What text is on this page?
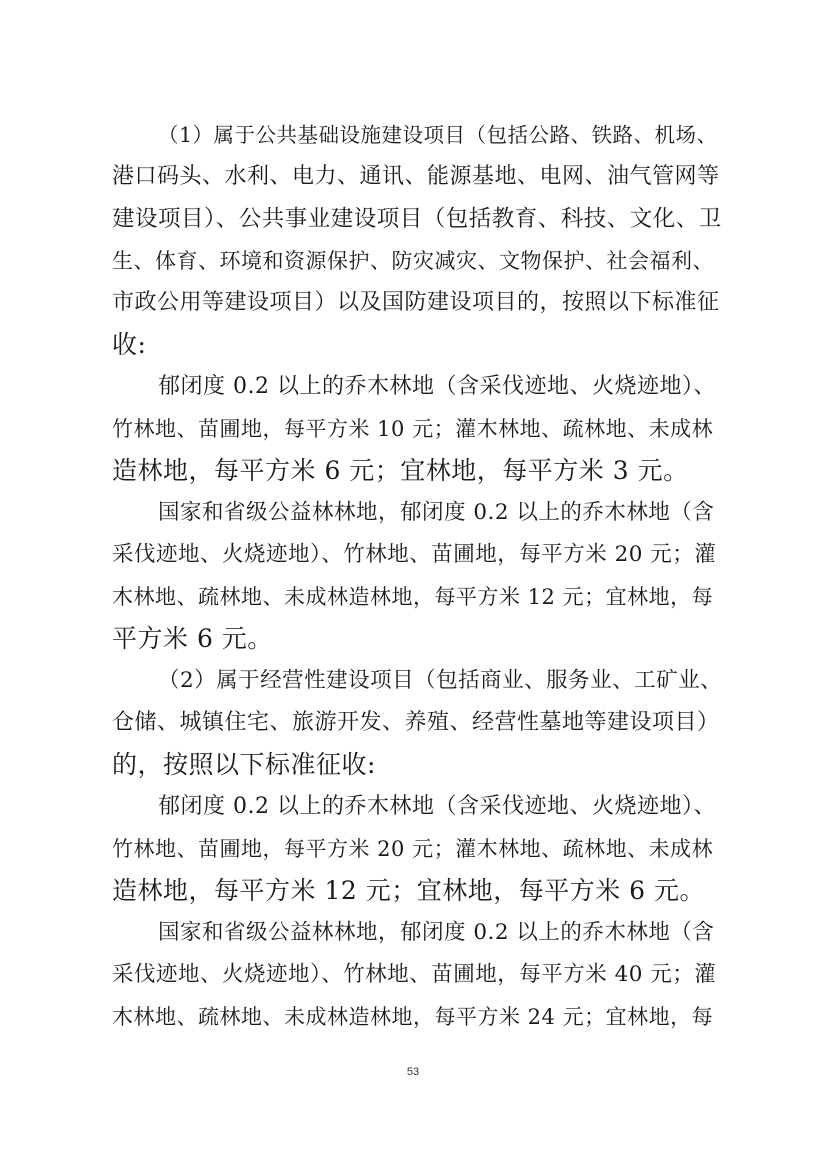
（1）属于公共基础设施建设项目（包括公路、铁路、机场、
港口码头、水利、电力、通讯、能源基地、电网、油气管网等
建设项目）、公共事业建设项目（包括教育、科技、文化、卫
生、体育、环境和资源保护、防灾减灾、文物保护、社会福利、
市政公用等建设项目）以及国防建设项目的，按照以下标准征
收:
郁闭度 0.2 以上的乔木林地（含采伐迹地、火烧迹地）、
竹林地、苗圃地，每平方米 10 元；灌木林地、疏林地、未成林
造林地，每平方米 6 元；宜林地，每平方米 3 元。
国家和省级公益林林地，郁闭度 0.2 以上的乔木林地（含
采伐迹地、火烧迹地）、竹林地、苗圃地，每平方米 20 元；灌
木林地、疏林地、未成林造林地，每平方米 12 元；宜林地，每
平方米 6 元。
（2）属于经营性建设项目（包括商业、服务业、工矿业、
仓储、城镇住宅、旅游开发、养殖、经营性墓地等建设项目）
的，按照以下标准征收:
郁闭度 0.2 以上的乔木林地（含采伐迹地、火烧迹地）、
竹林地、苗圃地，每平方米 20 元；灌木林地、疏林地、未成林
造林地，每平方米 12 元；宜林地，每平方米 6 元。
国家和省级公益林林地，郁闭度 0.2 以上的乔木林地（含
采伐迹地、火烧迹地）、竹林地、苗圃地，每平方米 40 元；灌
木林地、疏林地、未成林造林地，每平方米 24 元；宜林地，每
53
